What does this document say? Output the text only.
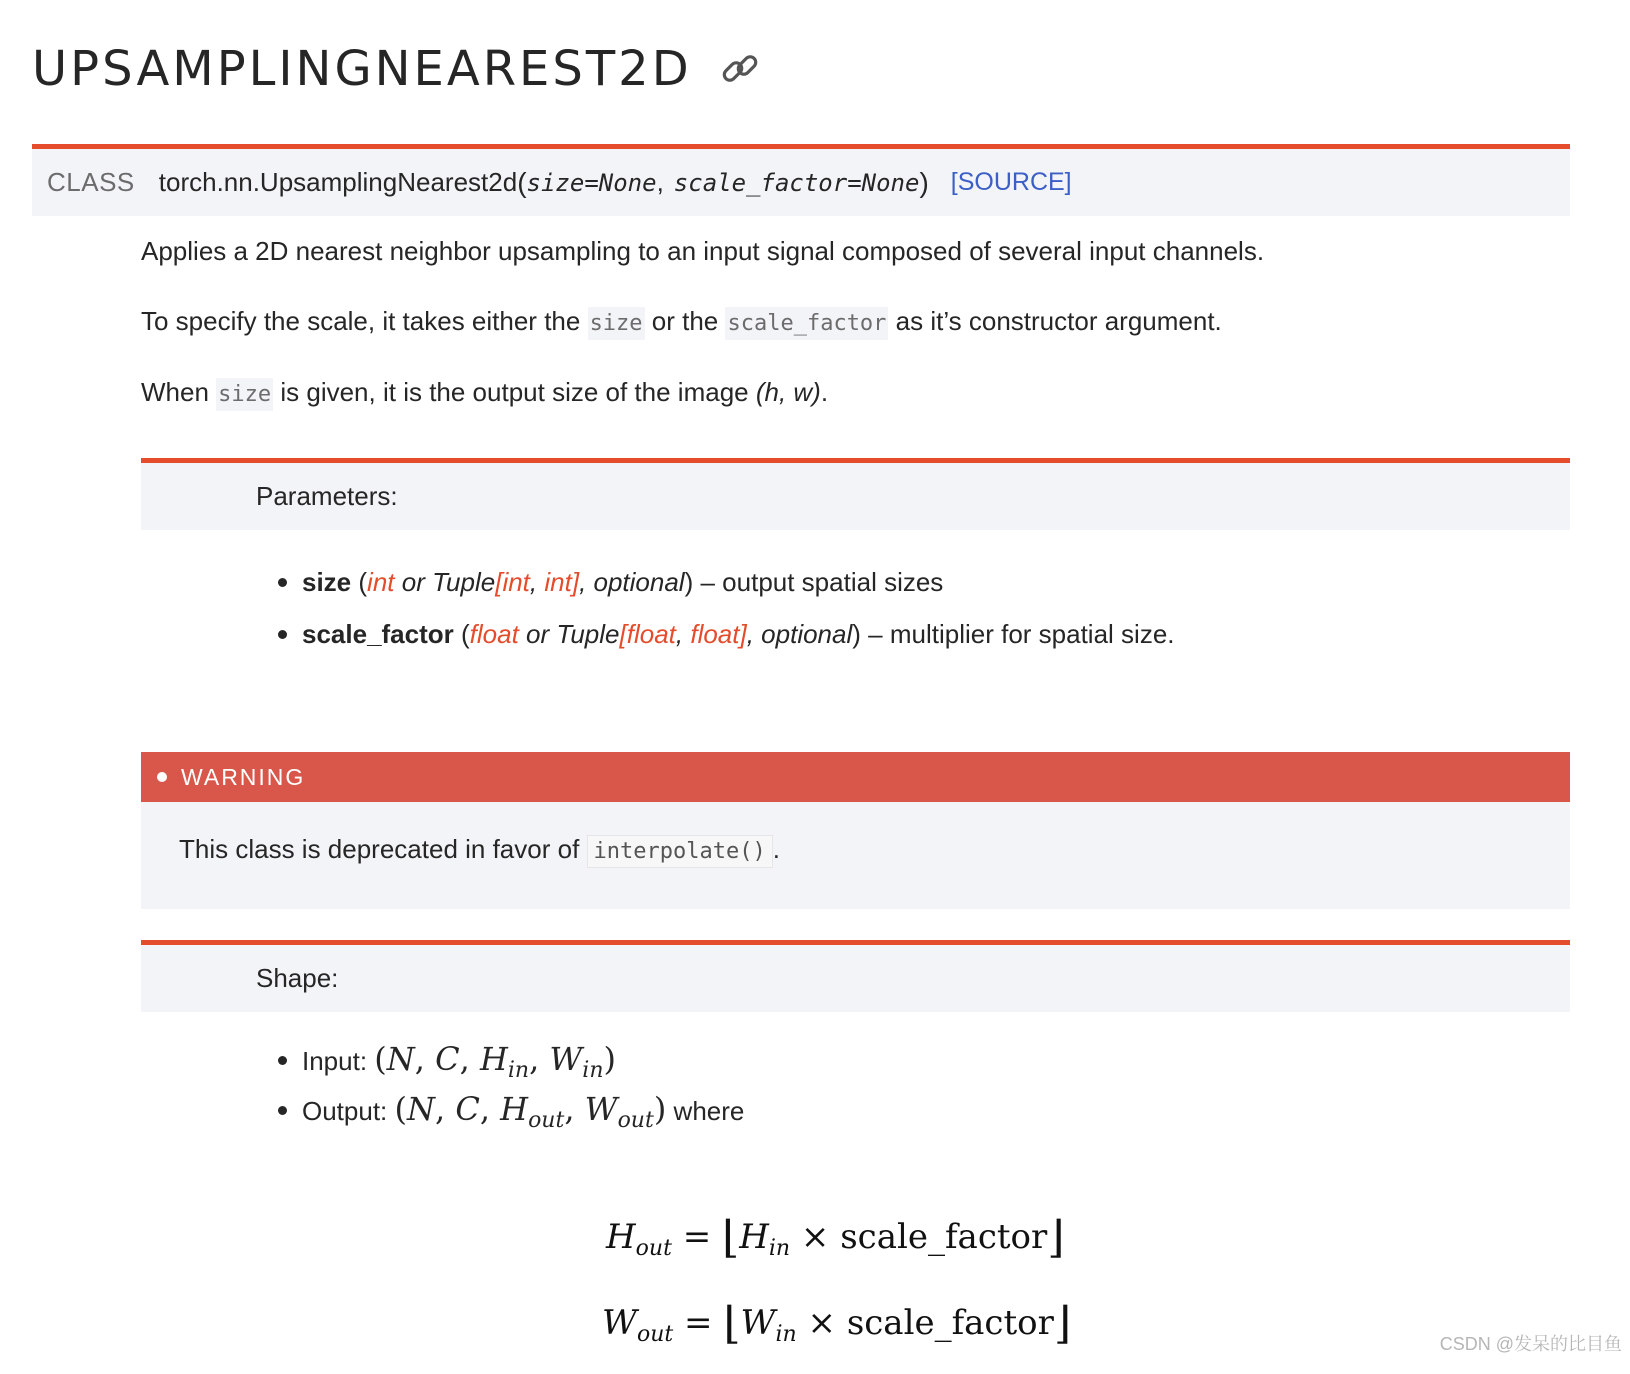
UPSAMPLINGNEAREST2D
CLASS torch.nn.UpsamplingNearest2d ( size=None , scale_factor=None ) [SOURCE]

Applies a 2D nearest neighbor upsampling to an input signal composed of several input channels.

To specify the scale, it takes either the size or the scale_factor as it’s constructor argument.

When size is given, it is the output size of the image (h, w).

Parameters:
size (int or Tuple[int, int], optional) – output spatial sizes
scale_factor (float or Tuple[float, float], optional) – multiplier for spatial size.
WARNING
This class is deprecated in favor of interpolate() .
Shape:
Input: (N, C, $H_{in}$, $W_{in}$)
Output: (N, C, $H_{out}$, $W_{out}$) where
$H_{out}$ = $⌊H_{in}$ × scale_factor⌋
$W_{out}$ = $⌊W_{in}$ × scale_factor⌋	CSDN @发呆的比目鱼
